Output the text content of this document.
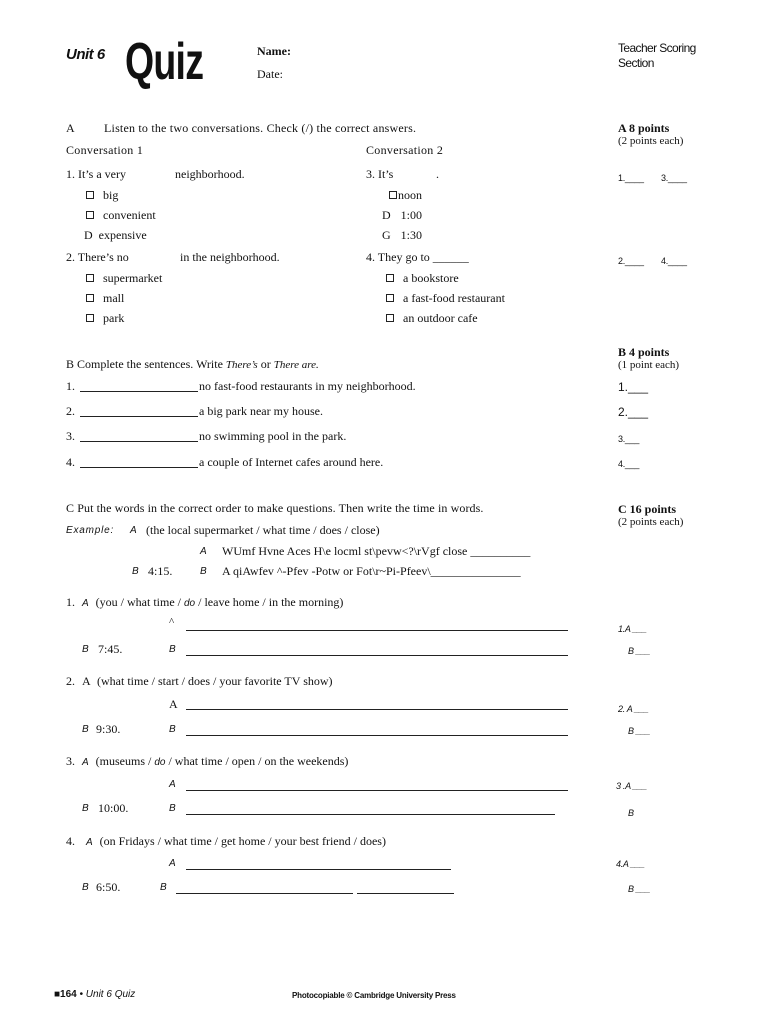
Unit 6 Quiz	Name:
Date:
Teacher Scoring
Section
A Listen to the two conversations. Check (/) the correct answers.	A 8 points
(2 points each)
Conversation 1	Conversation 2
1. It’s a very	neighborhood.
big
convenient
D expensive
2. There’s no	in the neighborhood.
supermarket
mall
park
3. It’s	.
noon
D 1:00
G 1:30
4. They go to ______
a bookstore
a fast-food restaurant
an outdoor cafe
1.____ 3.____
2.____ 4.____
B Complete the sentences. Write There’s or There are.
B 4 points
(1 point each)
1.	no fast-food restaurants in my neighborhood.	1.___
2.	a big park near my house.	2.___
3.	no swimming pool in the park.	3.___
4.	a couple of Internet cafes around here.	4.___
C Put the words in the correct order to make questions. Then write the time in words.	C 16 points
(2 points each)
Example: A (the local supermarket / what time / does / close)
A WUmf Hvne Aces H\e locml st\pevw<?\rVgf close __________
B 4:15.	B A qiAwfev ^-Pfev -Potw or Fot\r~Pi-Pfeev\_______________
1. A (you / what time / do / leave home / in the morning)
^
B 7:45.	B
1.A ___
B ___
2. A (what time / start / does / your favorite TV show)
A
B 9:30.	B
2. A ___
B ___
3. A (museums / do / what time / open / on the weekends)
A
B 10:00.	B
3 .A ___
B
4. A (on Fridays / what time / get home / your best friend / does)
A
B 6:50.	B
4.A ___
B ___
■164 • Unit 6 Quiz	Photocopiable © Cambridge University Press
